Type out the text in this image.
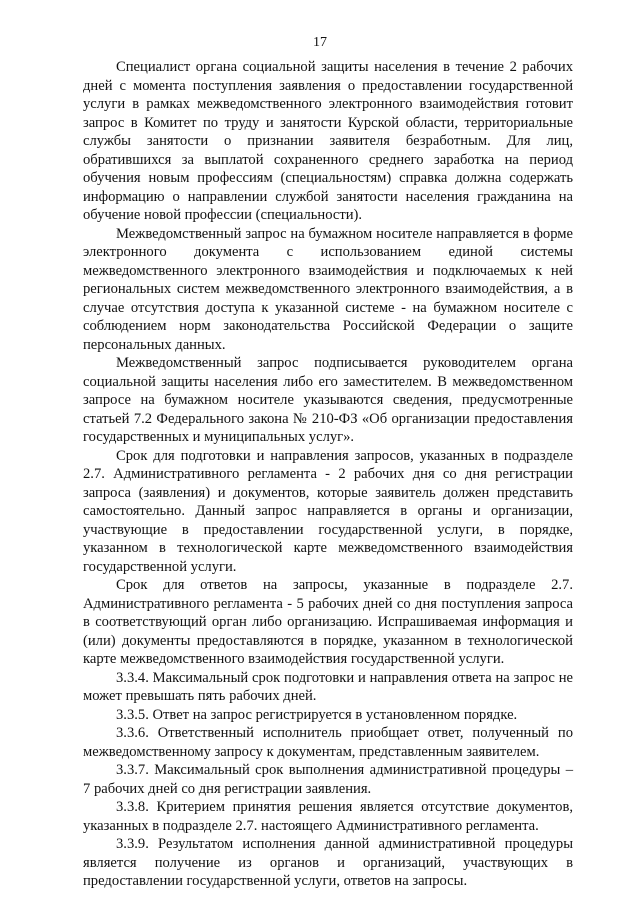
17

Специалист органа социальной защиты населения в течение 2 рабочих дней с момента поступления заявления о предоставлении государственной услуги в рамках межведомственного электронного взаимодействия готовит запрос в Комитет по труду и занятости Курской области, территориальные службы занятости о признании заявителя безработным. Для лиц, обратившихся за выплатой сохраненного среднего заработка на период обучения новым профессиям (специальностям) справка должна содержать информацию о направлении службой занятости населения гражданина на обучение новой профессии (специальности).

Межведомственный запрос на бумажном носителе направляется в форме электронного документа с использованием единой системы межведомственного электронного взаимодействия и подключаемых к ней региональных систем межведомственного электронного взаимодействия, а в случае отсутствия доступа к указанной системе - на бумажном носителе с соблюдением норм законодательства Российской Федерации о защите персональных данных.

Межведомственный запрос подписывается руководителем органа социальной защиты населения либо его заместителем. В межведомственном запросе на бумажном носителе указываются сведения, предусмотренные статьей 7.2 Федерального закона № 210-ФЗ «Об организации предоставления государственных и муниципальных услуг».

Срок для подготовки и направления запросов, указанных в подразделе 2.7. Административного регламента - 2 рабочих дня со дня регистрации запроса (заявления) и документов, которые заявитель должен представить самостоятельно. Данный запрос направляется в органы и организации, участвующие в предоставлении государственной услуги, в порядке, указанном в технологической карте межведомственного взаимодействия государственной услуги.

Срок для ответов на запросы, указанные в подразделе 2.7. Административного регламента - 5 рабочих дней со дня поступления запроса в соответствующий орган либо организацию. Испрашиваемая информация и (или) документы предоставляются в порядке, указанном в технологической карте межведомственного взаимодействия государственной услуги.

3.3.4. Максимальный срок подготовки и направления ответа на запрос не может превышать пять рабочих дней.

3.3.5. Ответ на запрос регистрируется в установленном порядке.

3.3.6. Ответственный исполнитель приобщает ответ, полученный по межведомственному запросу к документам, представленным заявителем.

3.3.7. Максимальный срок выполнения административной процедуры – 7 рабочих дней со дня регистрации заявления.

3.3.8. Критерием принятия решения является отсутствие документов, указанных в подразделе 2.7. настоящего Административного регламента.

3.3.9. Результатом исполнения данной административной процедуры является получение из органов и организаций, участвующих в предоставлении государственной услуги, ответов на запросы.
